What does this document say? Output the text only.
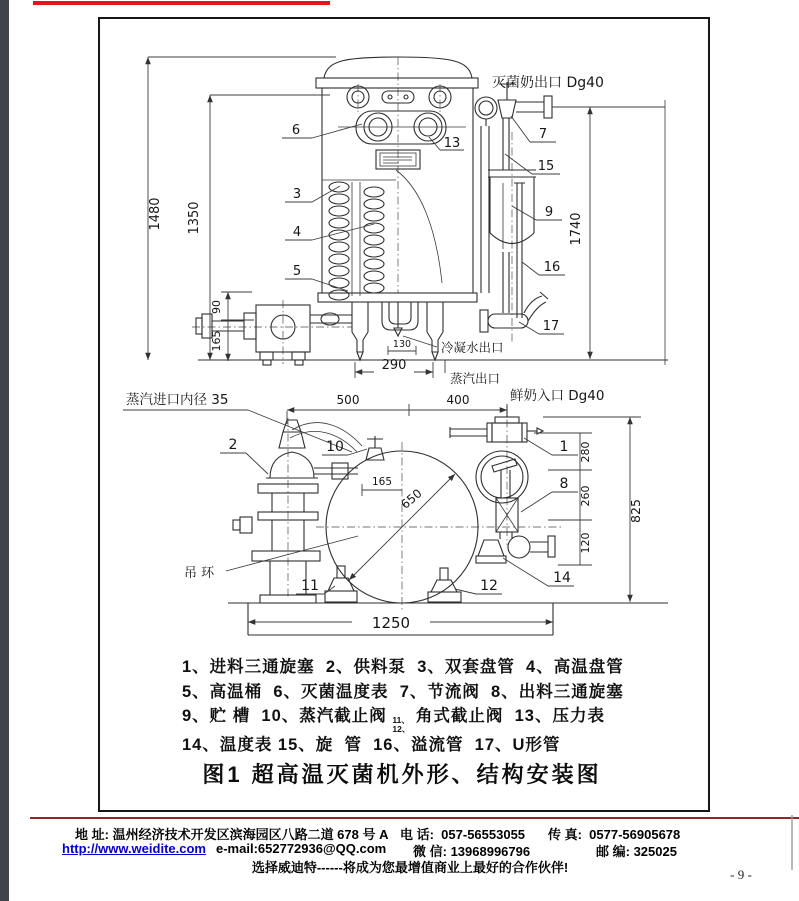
灭菌奶出口 Dg40
1480 1350	1740
90
165	130
290
冷凝水出口
蒸汽出口
6
13
3
4
5
7
15
9
16
17
蒸汽进口内径 35	鲜奶入口 Dg40
吊 环
500	400
165
650
280
260
120
825
1250
2	10	1
8
11	12	14
1、进料三通旋塞  2、供料泵  3、双套盘管  4、高温盘管
5、高温桶  6、灭菌温度表  7、节流阀  8、出料三通旋塞
9、贮 槽  10、蒸汽截止阀 11、
12、
角式截止阀  13、压力表
14、温度表 15、旋  管  16、溢流管  17、U形管
图1 超高温灭菌机外形、结构安装图
地 址: 温州经济技术开发区滨海园区八路二道 678 号 A 电 话:  057-56553055 传 真:  0577-56905678
http://www.weidite.com e-mail:652772936@QQ.com 微 信: 13968996796	邮 编: 325025
选择威迪特------将成为您最增值商业上最好的合作伙伴!	- 9 -
